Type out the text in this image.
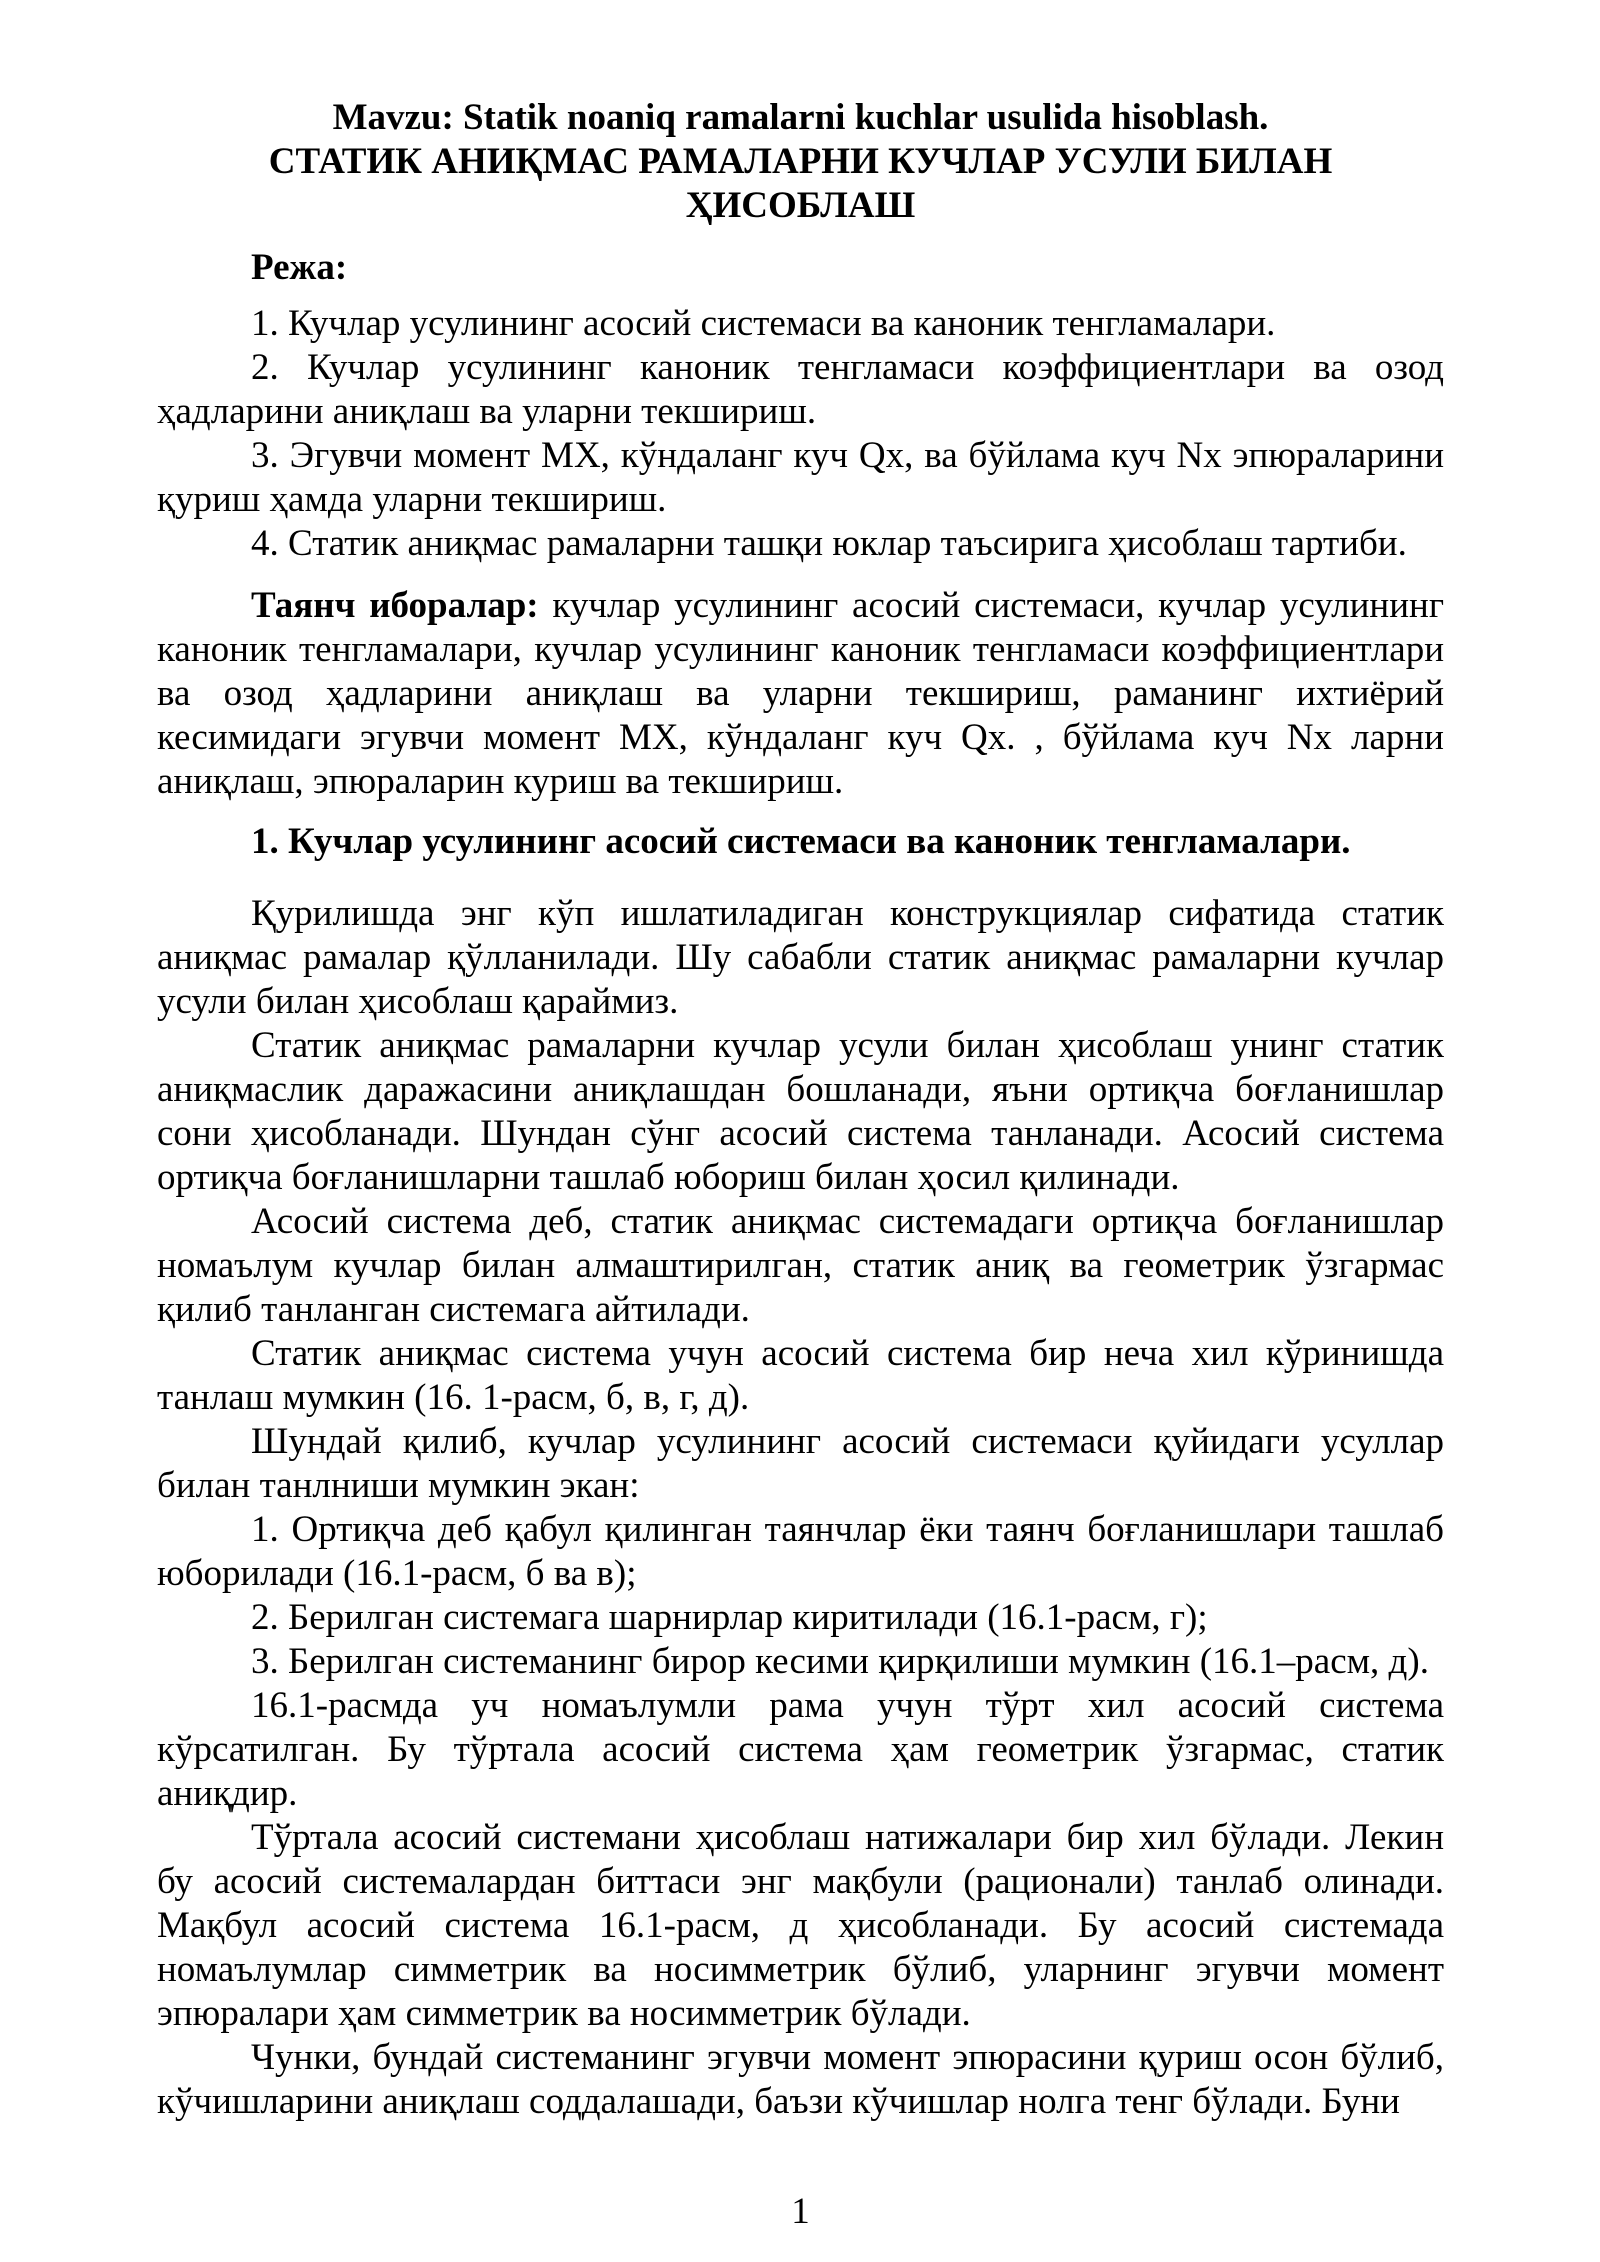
Mavzu: Statik noaniq ramalarni kuchlar usulida hisoblash.

СТАТИК АНИҚМАС РАМАЛАРНИ КУЧЛАР УСУЛИ БИЛАН ҲИСОБЛАШ

Режа:

1. Кучлар усулининг асосий системаси ва каноник тенгламалари.

2. Кучлар усулининг каноник тенгламаси коэффициентлари ва озод ҳадларини аниқлаш ва уларни текшириш.

3. Эгувчи момент MX, кўндаланг куч Qx, ва бўйлама куч Nx эпюраларини қуриш ҳамда уларни текшириш.

4. Статик аниқмас рамаларни ташқи юклар таъсирига ҳисоблаш тартиби.

Таянч иборалар: кучлар усулининг асосий системаси, кучлар усулининг каноник тенгламалари, кучлар усулининг каноник тенгламаси коэффициентлари ва озод ҳадларини аниқлаш ва уларни текшириш, раманинг ихтиёрий кесимидаги эгувчи момент MX, кўндаланг куч Qx. , бўйлама куч Nx ларни аниқлаш, эпюраларин куриш ва текшириш.

1. Кучлар усулининг асосий системаси ва каноник тенгламалари.

Қурилишда энг кўп ишлатиладиган конструкциялар сифатида статик аниқмас рамалар қўлланилади. Шу сабабли статик аниқмас рамаларни кучлар усули билан ҳисоблаш қараймиз.

Статик аниқмас рамаларни кучлар усули билан ҳисоблаш унинг статик аниқмаслик даражасини аниқлашдан бошланади, яъни ортиқча боғланишлар сони ҳисобланади. Шундан сўнг асосий система танланади. Асосий система ортиқча боғланишларни ташлаб юбориш билан ҳосил қилинади.

Асосий система деб, статик аниқмас системадаги ортиқча боғланишлар номаълум кучлар билан алмаштирилган, статик аниқ ва геометрик ўзгармас қилиб танланган системага айтилади.

Статик аниқмас система учун асосий система бир неча хил кўринишда танлаш мумкин (16. 1-расм, б, в, г, д).

Шундай қилиб, кучлар усулининг асосий системаси қуйидаги усуллар билан танлниши мумкин экан:

1. Ортиқча деб қабул қилинган таянчлар ёки таянч боғланишлари ташлаб юборилади (16.1-расм, б ва в);

2. Берилган системага шарнирлар киритилади (16.1-расм, г);

3. Берилган системанинг бирор кесими қирқилиши мумкин (16.1–расм, д).

16.1-расмда уч номаълумли рама учун тўрт хил асосий система кўрсатилган. Бу тўртала асосий система ҳам геометрик ўзгармас, статик аниқдир.

Тўртала асосий системани ҳисоблаш натижалари бир хил бўлади. Лекин бу асосий системалардан биттаси энг мақбули (рационали) танлаб олинади. Мақбул асосий система 16.1-расм, д ҳисобланади. Бу асосий системада номаълумлар симметрик ва носимметрик бўлиб, уларнинг эгувчи момент эпюралари ҳам симметрик ва носимметрик бўлади.

Чунки, бундай системанинг эгувчи момент эпюрасини қуриш осон бўлиб, кўчишларини аниқлаш соддалашади, баъзи кўчишлар нолга тенг бўлади. Буни

1
